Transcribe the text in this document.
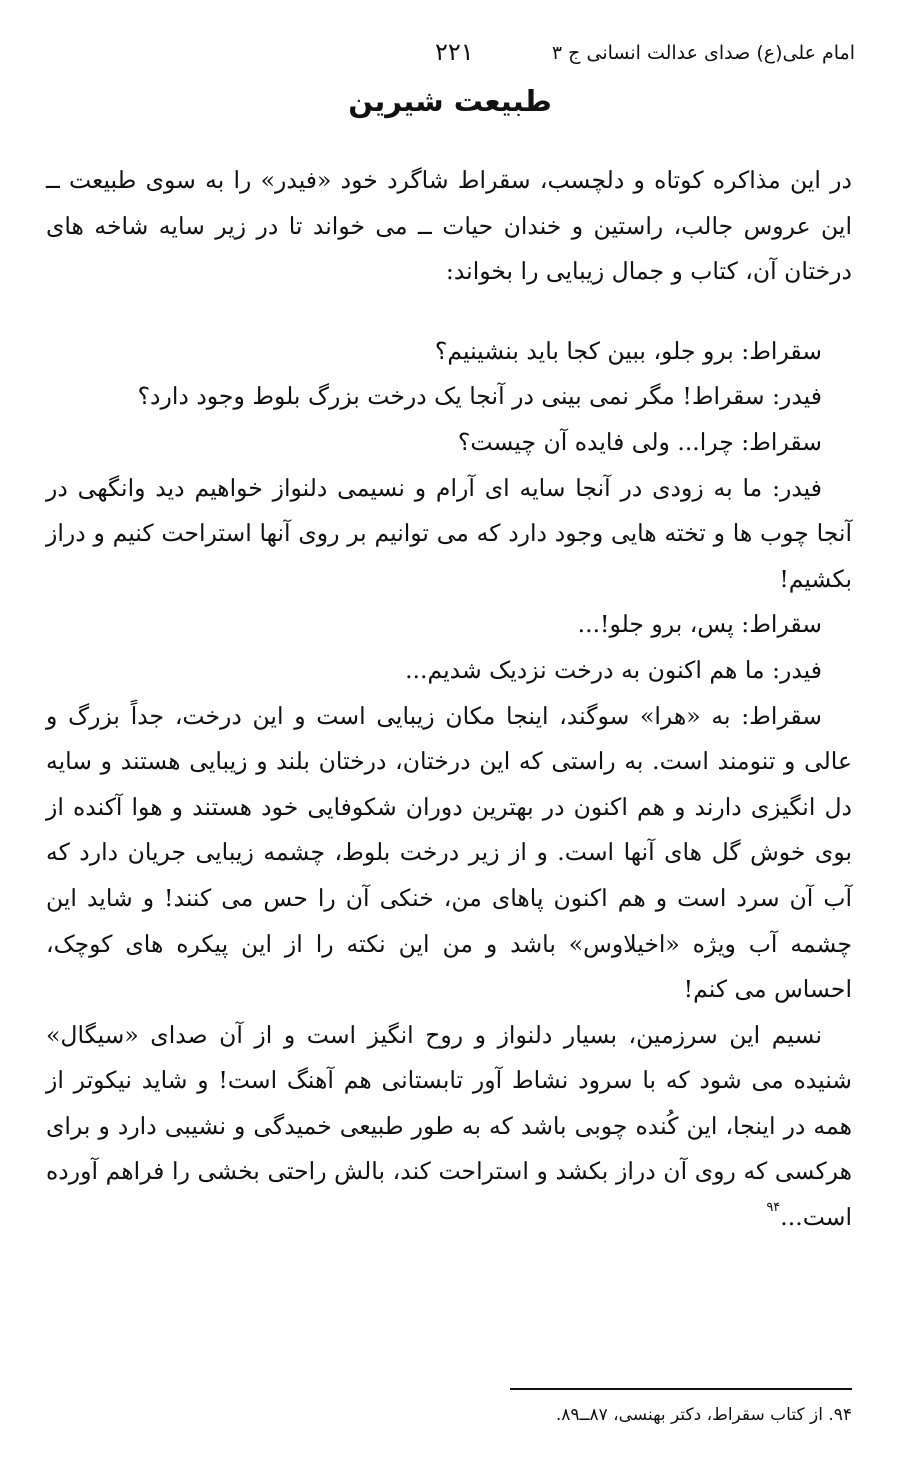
امام علی(ع) صدای عدالت انسانی ج ۳
۲۲۱
طبیعت شیرین

در این مذاکره کوتاه و دلچسب، سقراط شاگرد خود «فیدر» را به سوی طبیعت ــ این عروس جالب، راستین و خندان حیات ــ می خواند تا در زیر سایه شاخه های درختان آن، کتاب و جمال زیبایی را بخواند:

سقراط: برو جلو، ببین کجا باید بنشینیم؟

فیدر: سقراط! مگر نمی بینی در آنجا یک درخت بزرگ بلوط وجود دارد؟

سقراط: چرا... ولی فایده آن چیست؟

فیدر: ما به زودی در آنجا سایه ای آرام و نسیمی دلنواز خواهیم دید وانگهی در آنجا چوب ها و تخته هایی وجود دارد که می توانیم بر روی آنها استراحت کنیم و دراز بکشیم!

سقراط: پس، برو جلو!...

فیدر: ما هم اکنون به درخت نزدیک شدیم...

سقراط: به «هرا» سوگند، اینجا مکان زیبایی است و این درخت، جداً بزرگ و عالی و تنومند است. به راستی که این درختان، درختان بلند و زیبایی هستند و سایه دل انگیزی دارند و هم اکنون در بهترین دوران شکوفایی خود هستند و هوا آکنده از بوی خوش گل های آنها است. و از زیر درخت بلوط، چشمه زیبایی جریان دارد که آب آن سرد است و هم اکنون پاهای من، خنکی آن را حس می کنند! و شاید این چشمه آب ویژه «اخیلاوس» باشد و من این نکته را از این پیکره های کوچک، احساس می کنم!

نسیم این سرزمین، بسیار دلنواز و روح انگیز است و از آن صدای «سیگال» شنیده می شود که با سرود نشاط آور تابستانی هم آهنگ است! و شاید نیکوتر از همه در اینجا، این کُنده چوبی باشد که به طور طبیعی خمیدگی و نشیبی دارد و برای هرکسی که روی آن دراز بکشد و استراحت کند، بالش راحتی بخشی را فراهم آورده است...$^{۹۴}$

۹۴. از کتاب سقراط، دکتر بهنسی، ۸۷ــ۸۹.
